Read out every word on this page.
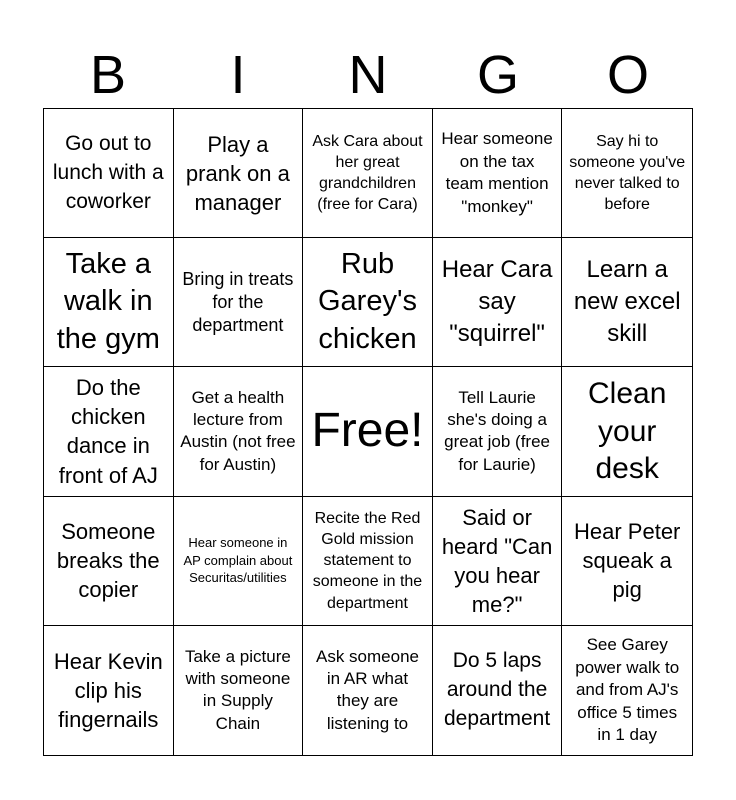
B	I	N	G	O
Go out to lunch with a coworker
Play a prank on a manager
Ask Cara about her great grandchildren (free for Cara)
Hear someone on the tax team mention "monkey"
Say hi to someone you've never talked to before
Take a walk in the gym
Bring in treats for the department
Rub Garey's chicken
Hear Cara say "squirrel"
Learn a new excel skill
Do the chicken dance in front of AJ
Get a health lecture from Austin (not free for Austin)
Free!
Tell Laurie she's doing a great job (free for Laurie)
Clean your desk
Someone breaks the copier
Hear someone in AP complain about Securitas/utilities
Recite the Red Gold mission statement to someone in the department
Said or heard "Can you hear me?"
Hear Peter squeak a pig
Hear Kevin clip his fingernails
Take a picture with someone in Supply Chain
Ask someone in AR what they are listening to
Do 5 laps around the department
See Garey power walk to and from AJ's office 5 times in 1 day
